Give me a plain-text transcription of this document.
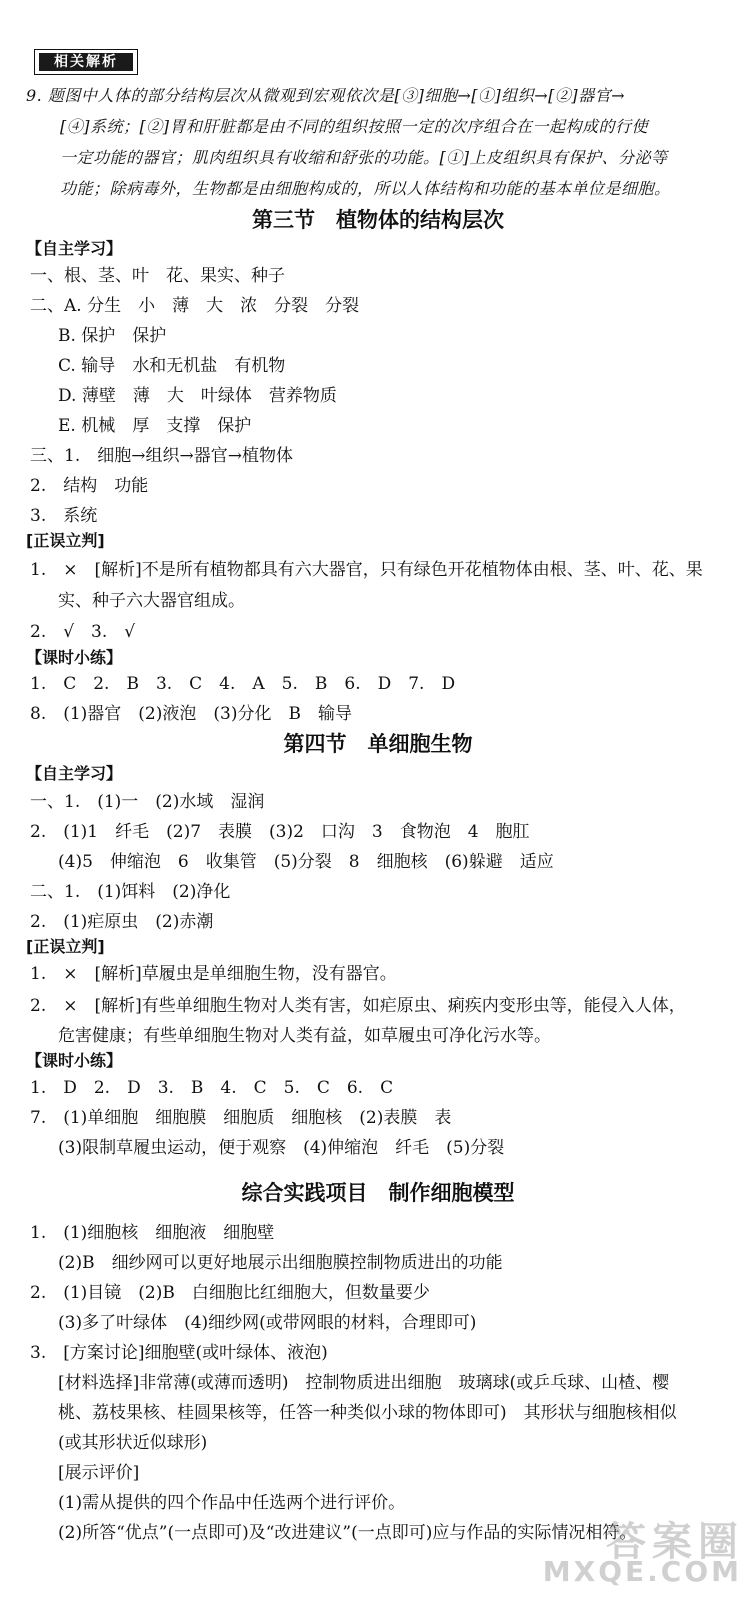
相关解析
9. 题图中人体的部分结构层次从微观到宏观依次是[③]细胞→[①]组织→[②]器官→
[④]系统；[②]胃和肝脏都是由不同的组织按照一定的次序组合在一起构成的行使
一定功能的器官；肌肉组织具有收缩和舒张的功能。[①]上皮组织具有保护、分泌等
功能；除病毒外，生物都是由细胞构成的，所以人体结构和功能的基本单位是细胞。
第三节　植物体的结构层次
【自主学习】
一、根、茎、叶　花、果实、种子
二、A. 分生　小　薄　大　浓　分裂　分裂
B. 保护　保护
C. 输导　水和无机盐　有机物
D. 薄壁　薄　大　叶绿体　营养物质
E. 机械　厚　支撑　保护
三、1.　细胞→组织→器官→植物体
2.　结构　功能
3.　系统
[正误立判]
1.　×　[解析]不是所有植物都具有六大器官，只有绿色开花植物体由根、茎、叶、花、果
实、种子六大器官组成。
2.　√　3.　√
【课时小练】
1.　C　2.　B　3.　C　4.　A　5.　B　6.　D　7.　D
8.　(1)器官　(2)液泡　(3)分化　B　输导
第四节　单细胞生物
【自主学习】
一、1.　(1)一　(2)水域　湿润
2.　(1)1　纤毛　(2)7　表膜　(3)2　口沟　3　食物泡　4　胞肛
(4)5　伸缩泡　6　收集管　(5)分裂　8　细胞核　(6)躲避　适应
二、1.　(1)饵料　(2)净化
2.　(1)疟原虫　(2)赤潮
[正误立判]
1.　×　[解析]草履虫是单细胞生物，没有器官。
2.　×　[解析]有些单细胞生物对人类有害，如疟原虫、痢疾内变形虫等，能侵入人体，
危害健康；有些单细胞生物对人类有益，如草履虫可净化污水等。
【课时小练】
1.　D　2.　D　3.　B　4.　C　5.　C　6.　C
7.　(1)单细胞　细胞膜　细胞质　细胞核　(2)表膜　表
(3)限制草履虫运动，便于观察　(4)伸缩泡　纤毛　(5)分裂
综合实践项目　制作细胞模型
1.　(1)细胞核　细胞液　细胞壁
(2)B　细纱网可以更好地展示出细胞膜控制物质进出的功能
2.　(1)目镜　(2)B　白细胞比红细胞大，但数量要少
(3)多了叶绿体　(4)细纱网(或带网眼的材料，合理即可)
3.　[方案讨论]细胞壁(或叶绿体、液泡)
[材料选择]非常薄(或薄而透明)　控制物质进出细胞　玻璃球(或乒乓球、山楂、樱
桃、荔枝果核、桂圆果核等，任答一种类似小球的物体即可)　其形状与细胞核相似
(或其形状近似球形)
[展示评价]
(1)需从提供的四个作品中任选两个进行评价。
(2)所答“优点”(一点即可)及“改进建议”(一点即可)应与作品的实际情况相符。
答案圈
MXQE.COM
